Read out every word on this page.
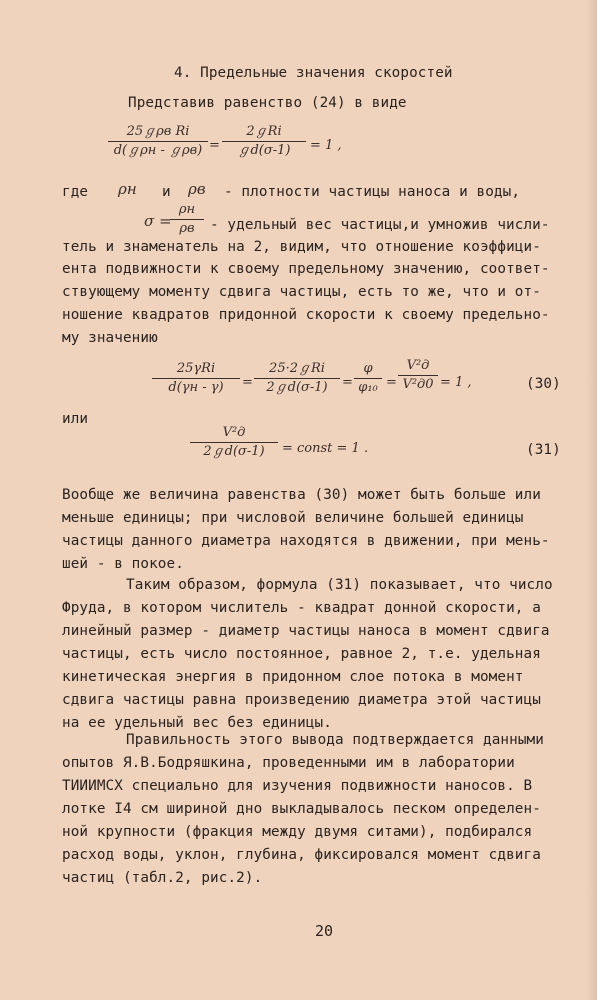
4. Предельные значения скоростей
Представив равенство (24) в виде
25ℊρв Ri
d(ℊρн - ℊρв) =
2ℊRi
ℊd(σ-1)	= 1 ,
где ρн и ρв - плотности частицы наноса и воды,
σ =
ρн
ρв	- удельный вес частицы,и умножив числи-
тель и знаменатель на 2, видим, что отношение коэффици-
ента подвижности к своему предельному значению, соответ-
ствующему моменту сдвига частицы, есть то же, что и от-
ношение квадратов придонной скорости к своему предельно-
му значению
25γRi
d(γн - γ)	=
25·2ℊRi
2ℊd(σ-1)	=
φ
φ₁₀ =
V²д
V²д0 = 1 ,	(30)
или
V²д
2ℊd(σ-1)	= const = 1 .	(31)
Вообще же величина равенства (30) может быть больше или
меньше единицы; при числовой величине большей единицы
частицы данного диаметра находятся в движении, при мень-
шей - в покое.
Таким образом, формула (31) показывает, что число
Фруда, в котором числитель - квадрат донной скорости, а
линейный размер - диаметр частицы наноса в момент сдвига
частицы, есть число постоянное, равное 2, т.е. удельная
кинетическая энергия в придонном слое потока в момент
сдвига частицы равна произведению диаметра этой частицы
на ее удельный вес без единицы.
Правильность этого вывода подтверждается данными
опытов Я.В.Бодряшкина, проведенными им в лаборатории
ТИИИМСХ специально для изучения подвижности наносов. В
лотке I4 см шириной дно выкладывалось песком определен-
ной крупности (фракция между двумя ситами), подбирался
расход воды, уклон, глубина, фиксировался момент сдвига
частиц (табл.2, рис.2).
20
